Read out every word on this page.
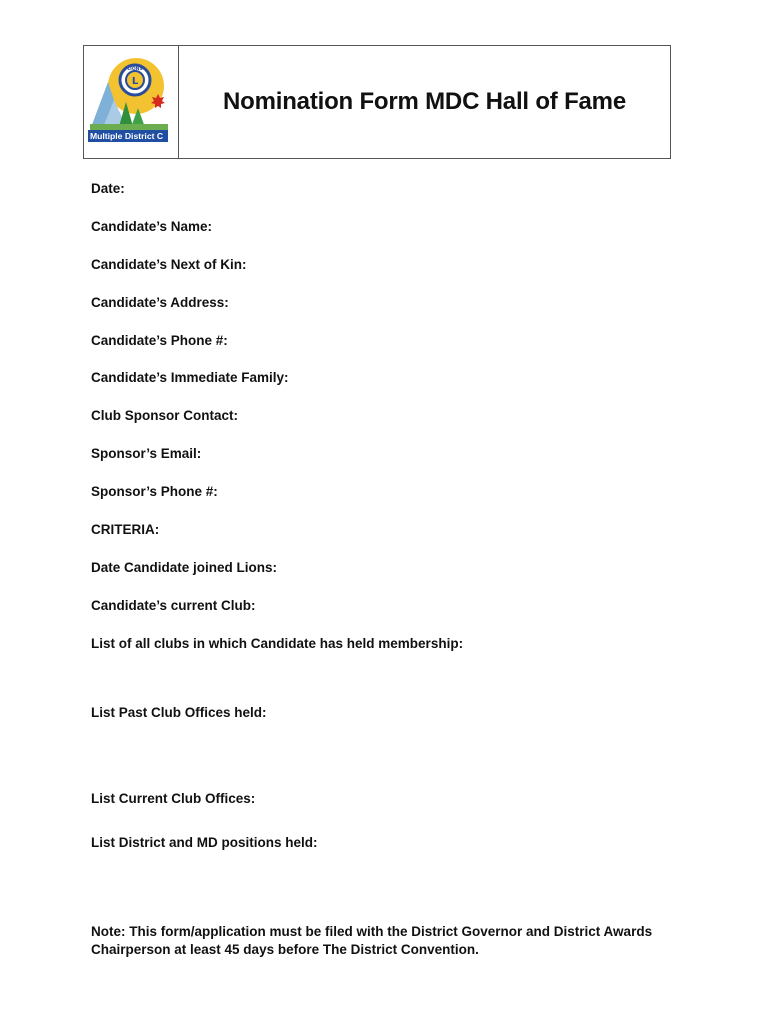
L
LIONS
Multiple District C
Nomination Form MDC Hall of Fame
Date:
Candidate’s Name:
Candidate’s Next of Kin:
Candidate’s Address:
Candidate’s Phone #:
Candidate’s Immediate Family:
Club Sponsor Contact:
Sponsor’s Email:
Sponsor’s Phone #:
CRITERIA:
Date Candidate joined Lions:
Candidate’s current Club:
List of all clubs in which Candidate has held membership:
List Past Club Offices held:
List Current Club Offices:
List District and MD positions held:
Note: This form/application must be filed with the District Governor and District Awards Chairperson at least 45 days before The District Convention.
